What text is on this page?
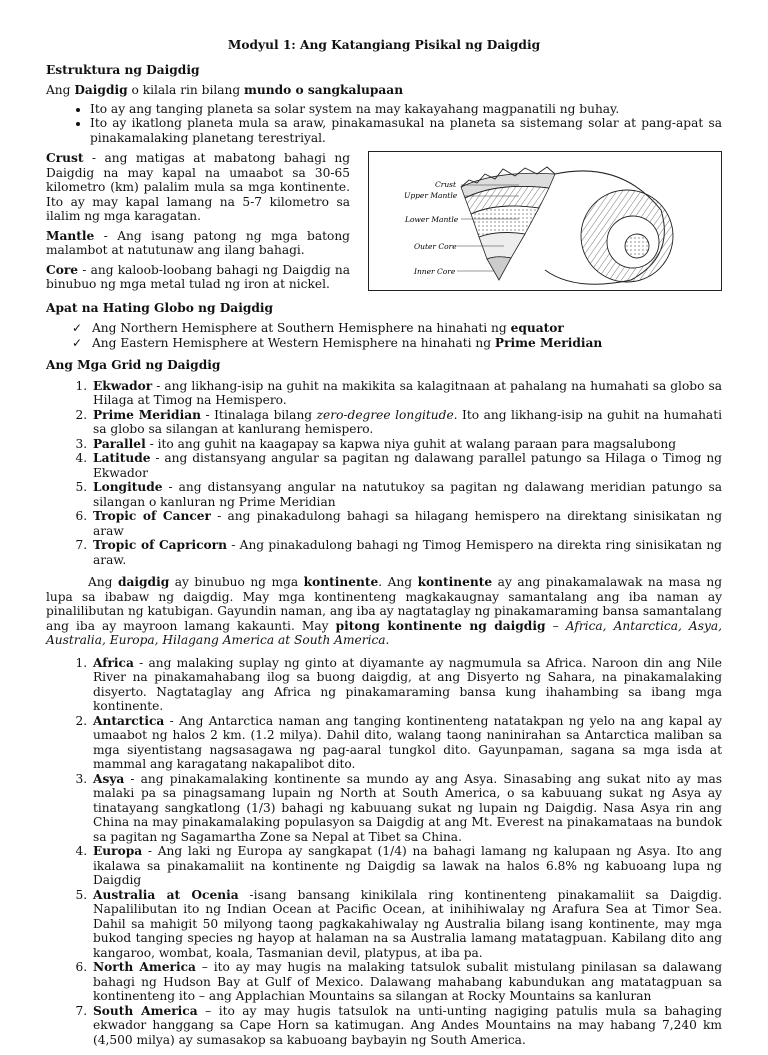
Modyul 1: Ang Katangiang Pisikal ng Daigdig
Estruktura ng Daigdig

Ang Daigdig o kilala rin bilang mundo o sangkalupaan

• Ito ay ang tanging planeta sa solar system na may kakayahang magpanatili ng buhay.
• Ito ay ikatlong planeta mula sa araw, pinakamasukal na planeta sa sistemang solar at pang-apat sa pinakamalaking planetang terestriyal.

Crust - ang matigas at mabatong bahagi ng Daigdig na may kapal na umaabot sa 30-65 kilometro (km) palalim mula sa mga kontinente. Ito ay may kapal lamang na 5-7 kilometro sa ilalim ng mga karagatan.

Mantle - Ang isang patong ng mga batong malambot at natutunaw ang ilang bahagi.

Core - ang kaloob-loobang bahagi ng Daigdig na binubuo ng mga metal tulad ng iron at nickel.

Crust
Upper Mantle
Lower Mantle
Outer Core
Inner Core
Apat na Hating Globo ng Daigdig
✓ Ang Northern Hemisphere at Southern Hemisphere na hinahati ng equator
✓ Ang Eastern Hemisphere at Western Hemisphere na hinahati ng Prime Meridian
Ang Mga Grid ng Daigdig
1. Ekwador - ang likhang-isip na guhit na makikita sa kalagitnaan at pahalang na humahati sa globo sa Hilaga at Timog na Hemispero.
2. Prime Meridian - Itinalaga bilang zero-degree longitude. Ito ang likhang-isip na guhit na humahati sa globo sa silangan at kanlurang hemispero.
3. Parallel - ito ang guhit na kaagapay sa kapwa niya guhit at walang paraan para magsalubong
4. Latitude - ang distansyang angular sa pagitan ng dalawang parallel patungo sa Hilaga o Timog ng Ekwador
5. Longitude - ang distansyang angular na natutukoy sa pagitan ng dalawang meridian patungo sa silangan o kanluran ng Prime Meridian
6. Tropic of Cancer - ang pinakadulong bahagi sa hilagang hemispero na direktang sinisikatan ng araw
7. Tropic of Capricorn - Ang pinakadulong bahagi ng Timog Hemispero na direkta ring sinisikatan ng araw.

Ang daigdig ay binubuo ng mga kontinente. Ang kontinente ay ang pinakamalawak na masa ng lupa sa ibabaw ng daigdig. May mga kontinenteng magkakaugnay samantalang ang iba naman ay pinalilibutan ng katubigan. Gayundin naman, ang iba ay nagtataglay ng pinakamaraming bansa samantalang ang iba ay mayroon lamang kakaunti. May pitong kontinente ng daigdig – Africa, Antarctica, Asya, Australia, Europa, Hilagang America at South America.

1. Africa - ang malaking suplay ng ginto at diyamante ay nagmumula sa Africa. Naroon din ang Nile River na pinakamahabang ilog sa buong daigdig, at ang Disyerto ng Sahara, na pinakamalaking disyerto. Nagtataglay ang Africa ng pinakamaraming bansa kung ihahambing sa ibang mga kontinente.
2. Antarctica - Ang Antarctica naman ang tanging kontinenteng natatakpan ng yelo na ang kapal ay umaabot ng halos 2 km. (1.2 milya). Dahil dito, walang taong naninirahan sa Antarctica maliban sa mga siyentistang nagsasagawa ng pag-aaral tungkol dito. Gayunpaman, sagana sa mga isda at mammal ang karagatang nakapalibot dito.
3. Asya - ang pinakamalaking kontinente sa mundo ay ang Asya. Sinasabing ang sukat nito ay mas malaki pa sa pinagsamang lupain ng North at South America, o sa kabuuang sukat ng Asya ay tinatayang sangkatlong (1/3) bahagi ng kabuuang sukat ng lupain ng Daigdig. Nasa Asya rin ang China na may pinakamalaking populasyon sa Daigdig at ang Mt. Everest na pinakamataas na bundok sa pagitan ng Sagamartha Zone sa Nepal at Tibet sa China.
4. Europa - Ang laki ng Europa ay sangkapat (1/4) na bahagi lamang ng kalupaan ng Asya. Ito ang ikalawa sa pinakamaliit na kontinente ng Daigdig sa lawak na halos 6.8% ng kabuoang lupa ng Daigdig
5. Australia at Ocenia -isang bansang kinikilala ring kontinenteng pinakamaliit sa Daigdig. Napalilibutan ito ng Indian Ocean at Pacific Ocean, at inihihiwalay ng Arafura Sea at Timor Sea. Dahil sa mahigit 50 milyong taong pagkakahiwalay ng Australia bilang isang kontinente, may mga bukod tanging species ng hayop at halaman na sa Australia lamang matatagpuan. Kabilang dito ang kangaroo, wombat, koala, Tasmanian devil, platypus, at iba pa.
6. North America – ito ay may hugis na malaking tatsulok subalit mistulang pinilasan sa dalawang bahagi ng Hudson Bay at Gulf of Mexico. Dalawang mahabang kabundukan ang matatagpuan sa kontinenteng ito – ang Applachian Mountains sa silangan at Rocky Mountains sa kanluran
7. South America – ito ay may hugis tatsulok na unti-unting nagiging patulis mula sa bahaging ekwador hanggang sa Cape Horn sa katimugan. Ang Andes Mountains na may habang 7,240 km (4,500 milya) ay sumasakop sa kabuoang baybayin ng South America.
